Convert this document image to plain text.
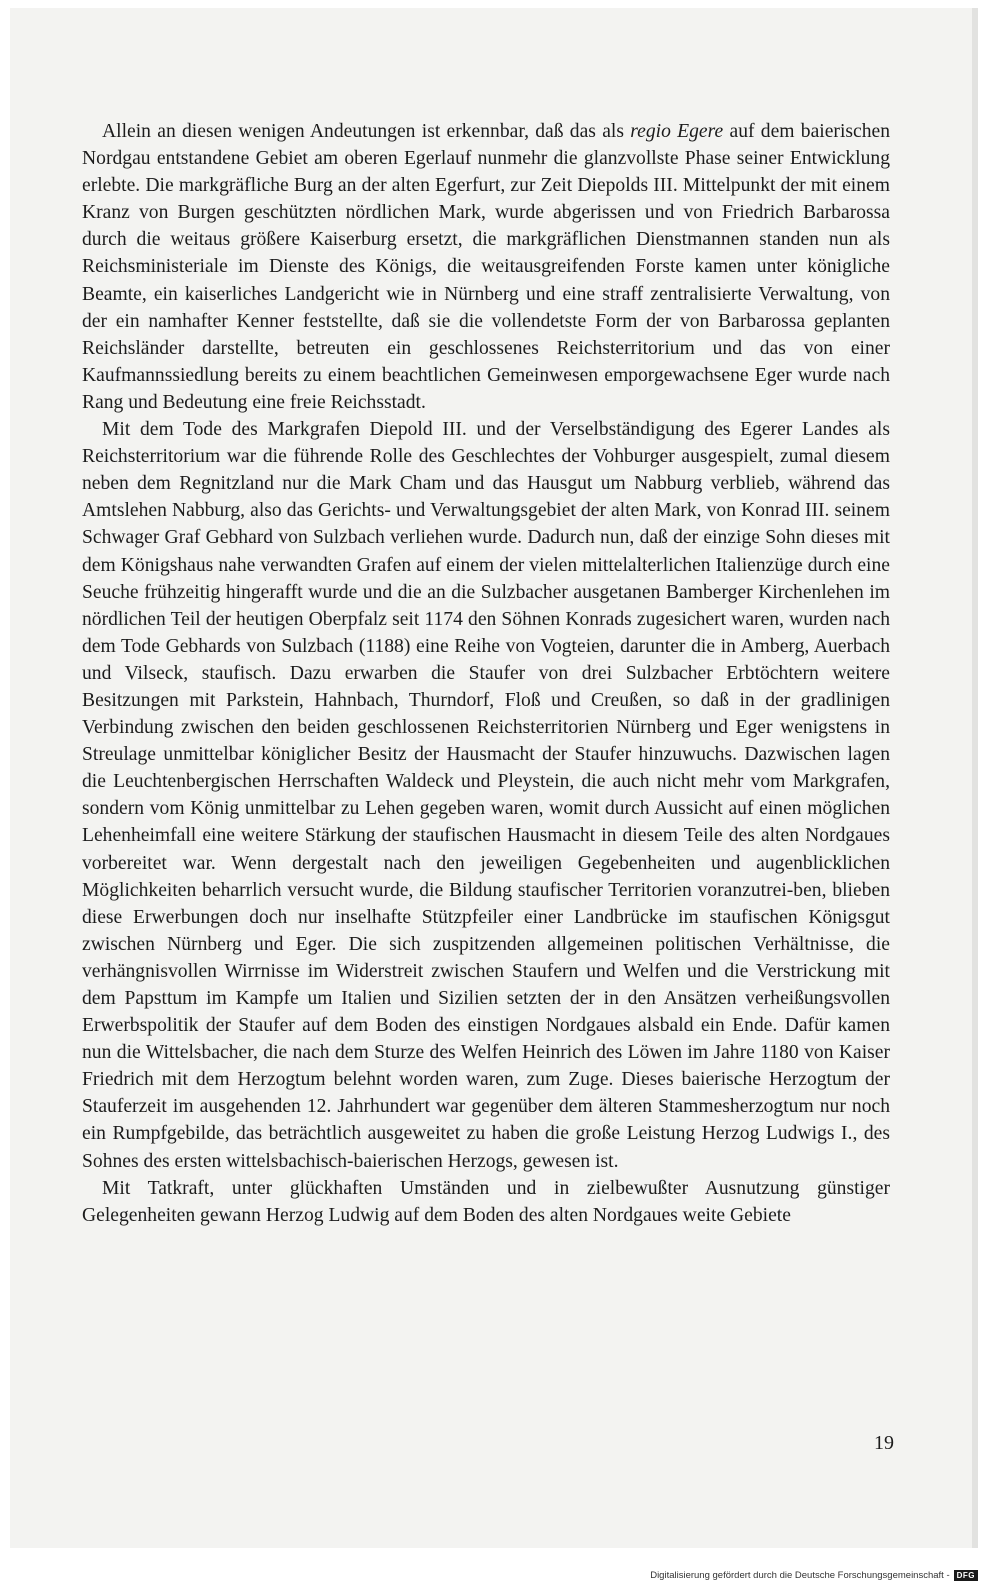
Allein an diesen wenigen Andeutungen ist erkennbar, daß das als regio Egere auf dem baierischen Nordgau entstandene Gebiet am oberen Egerlauf nunmehr die glanzvollste Phase seiner Entwicklung erlebte. Die markgräfliche Burg an der alten Egerfurt, zur Zeit Diepolds III. Mittelpunkt der mit einem Kranz von Burgen geschützten nördlichen Mark, wurde abgerissen und von Friedrich Barbarossa durch die weitaus größere Kaiserburg ersetzt, die markgräflichen Dienstmannen standen nun als Reichsministeriale im Dienste des Königs, die weitausgreifenden Forste kamen unter königliche Beamte, ein kaiserliches Landgericht wie in Nürnberg und eine straff zentralisierte Verwaltung, von der ein namhafter Kenner feststellte, daß sie die vollendetste Form der von Barbarossa geplanten Reichsländer darstellte, betreuten ein geschlossenes Reichsterritorium und das von einer Kaufmannssiedlung bereits zu einem beachtlichen Gemeinwesen emporgewachsene Eger wurde nach Rang und Bedeutung eine freie Reichsstadt.

Mit dem Tode des Markgrafen Diepold III. und der Verselbständigung des Egerer Landes als Reichsterritorium war die führende Rolle des Geschlechtes der Vohburger ausgespielt, zumal diesem neben dem Regnitzland nur die Mark Cham und das Hausgut um Nabburg verblieb, während das Amtslehen Nabburg, also das Gerichts- und Verwaltungsgebiet der alten Mark, von Konrad III. seinem Schwager Graf Gebhard von Sulzbach verliehen wurde. Dadurch nun, daß der einzige Sohn dieses mit dem Königshaus nahe verwandten Grafen auf einem der vielen mittelalterlichen Italienzüge durch eine Seuche frühzeitig hingerafft wurde und die an die Sulzbacher ausgetanen Bamberger Kirchenlehen im nördlichen Teil der heutigen Oberpfalz seit 1174 den Söhnen Konrads zugesichert waren, wurden nach dem Tode Gebhards von Sulzbach (1188) eine Reihe von Vogteien, darunter die in Amberg, Auerbach und Vilseck, staufisch. Dazu erwarben die Staufer von drei Sulzbacher Erbtöchtern weitere Besitzungen mit Parkstein, Hahnbach, Thurndorf, Floß und Creußen, so daß in der gradlinigen Verbindung zwischen den beiden geschlossenen Reichsterritorien Nürnberg und Eger wenigstens in Streulage unmittelbar königlicher Besitz der Hausmacht der Staufer hinzuwuchs. Dazwischen lagen die Leuchtenbergischen Herrschaften Waldeck und Pleystein, die auch nicht mehr vom Markgrafen, sondern vom König unmittelbar zu Lehen gegeben waren, womit durch Aussicht auf einen möglichen Lehenheimfall eine weitere Stärkung der staufischen Hausmacht in diesem Teile des alten Nordgaues vorbereitet war. Wenn dergestalt nach den jeweiligen Gegebenheiten und augenblicklichen Möglichkeiten beharrlich versucht wurde, die Bildung staufischer Territorien voranzutrei-ben, blieben diese Erwerbungen doch nur inselhafte Stützpfeiler einer Landbrücke im staufischen Königsgut zwischen Nürnberg und Eger. Die sich zuspitzenden allgemeinen politischen Verhältnisse, die verhängnisvollen Wirrnisse im Widerstreit zwischen Staufern und Welfen und die Verstrickung mit dem Papsttum im Kampfe um Italien und Sizilien setzten der in den Ansätzen verheißungsvollen Erwerbspolitik der Staufer auf dem Boden des einstigen Nordgaues alsbald ein Ende. Dafür kamen nun die Wittelsbacher, die nach dem Sturze des Welfen Heinrich des Löwen im Jahre 1180 von Kaiser Friedrich mit dem Herzogtum belehnt worden waren, zum Zuge. Dieses baierische Herzogtum der Stauferzeit im ausgehenden 12. Jahrhundert war gegenüber dem älteren Stammesherzogtum nur noch ein Rumpfgebilde, das beträchtlich ausgeweitet zu haben die große Leistung Herzog Ludwigs I., des Sohnes des ersten wittelsbachisch-baierischen Herzogs, gewesen ist.

Mit Tatkraft, unter glückhaften Umständen und in zielbewußter Ausnutzung günstiger Gelegenheiten gewann Herzog Ludwig auf dem Boden des alten Nordgaues weite Gebiete

19
Digitalisierung gefördert durch die Deutsche Forschungsgemeinschaft - DFG
